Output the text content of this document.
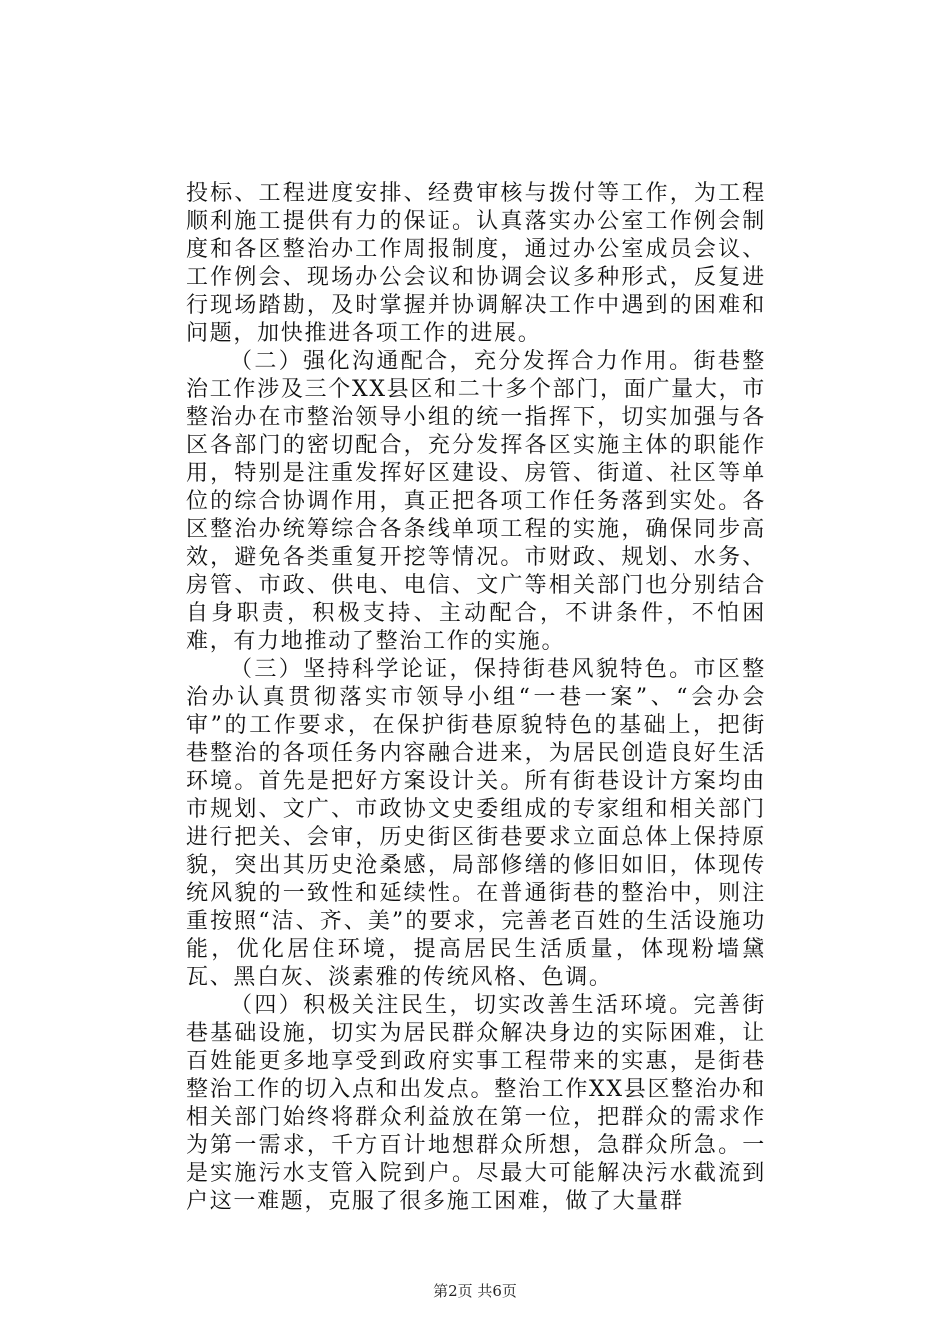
投标、工程进度安排、经费审核与拨付等工作，为工程顺利施工提供有力的保证。认真落实办公室工作例会制度和各区整治办工作周报制度，通过办公室成员会议、工作例会、现场办公会议和协调会议多种形式，反复进行现场踏勘，及时掌握并协调解决工作中遇到的困难和问题，加快推进各项工作的进展。

（二）强化沟通配合，充分发挥合力作用。街巷整治工作涉及三个XX县区和二十多个部门，面广量大，市整治办在市整治领导小组的统一指挥下，切实加强与各区各部门的密切配合，充分发挥各区实施主体的职能作用，特别是注重发挥好区建设、房管、街道、社区等单位的综合协调作用，真正把各项工作任务落到实处。各区整治办统筹综合各条线单项工程的实施，确保同步高效，避免各类重复开挖等情况。市财政、规划、水务、房管、市政、供电、电信、文广等相关部门也分别结合自身职责，积极支持、主动配合，不讲条件，不怕困难，有力地推动了整治工作的实施。

（三）坚持科学论证，保持街巷风貌特色。市区整治办认真贯彻落实市领导小组“一巷一案”、“会办会审”的工作要求，在保护街巷原貌特色的基础上，把街巷整治的各项任务内容融合进来，为居民创造良好生活环境。首先是把好方案设计关。所有街巷设计方案均由市规划、文广、市政协文史委组成的专家组和相关部门进行把关、会审，历史街区街巷要求立面总体上保持原貌，突出其历史沧桑感，局部修缮的修旧如旧，体现传统风貌的一致性和延续性。在普通街巷的整治中，则注重按照“洁、齐、美”的要求，完善老百姓的生活设施功能，优化居住环境，提高居民生活质量，体现粉墙黛瓦、黑白灰、淡素雅的传统风格、色调。

（四）积极关注民生，切实改善生活环境。完善街巷基础设施，切实为居民群众解决身边的实际困难，让百姓能更多地享受到政府实事工程带来的实惠，是街巷整治工作的切入点和出发点。整治工作XX县区整治办和相关部门始终将群众利益放在第一位，把群众的需求作为第一需求，千方百计地想群众所想，急群众所急。一是实施污水支管入院到户。尽最大可能解决污水截流到户这一难题，克服了很多施工困难，做了大量群

第2页 共6页
